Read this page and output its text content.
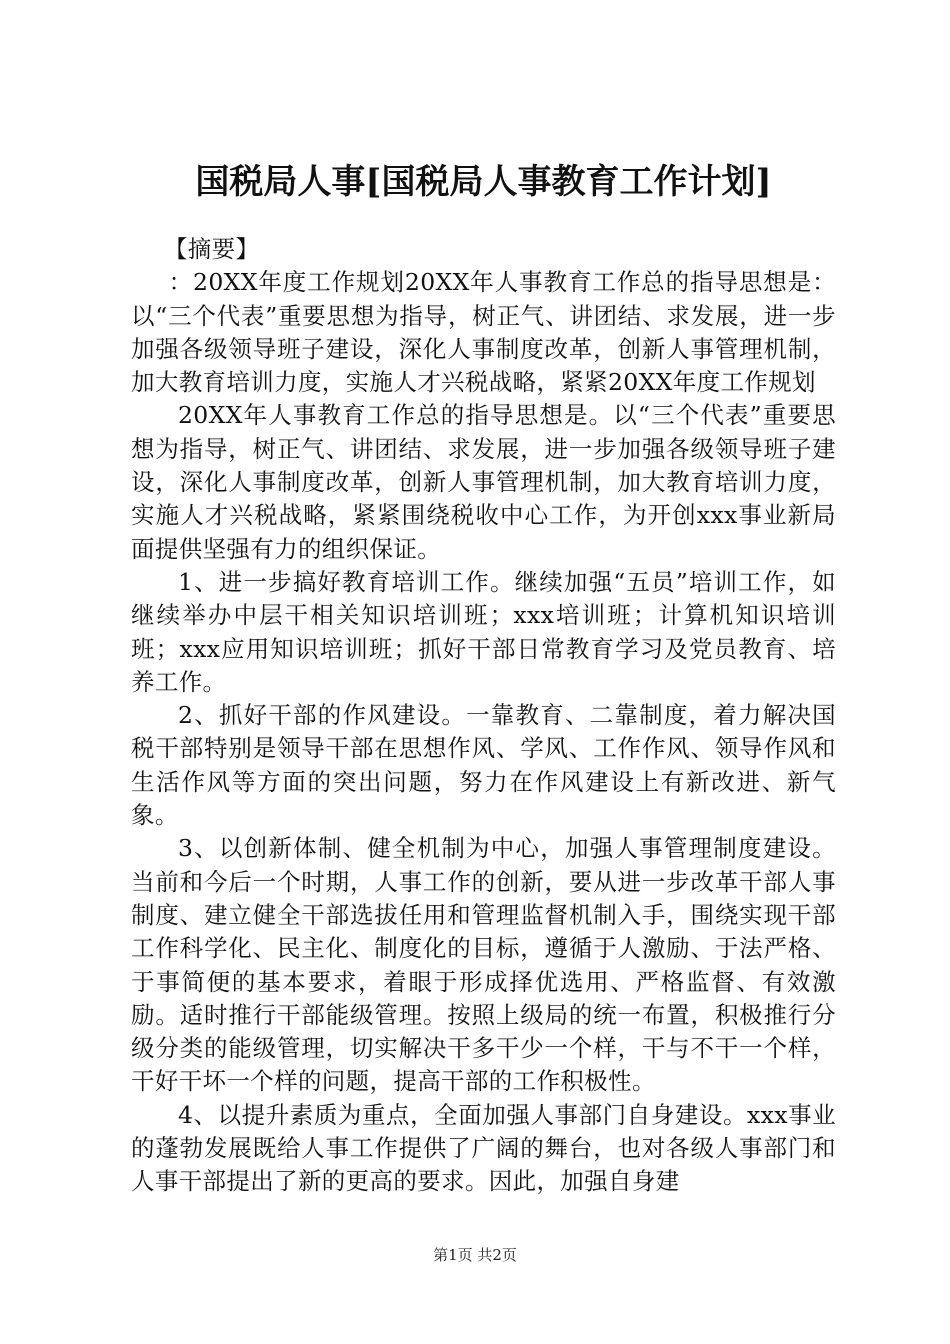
国税局人事[国税局人事教育工作计划]

【摘要】

：20XX年度工作规划20XX年人事教育工作总的指导思想是：以“三个代表”重要思想为指导，树正气、讲团结、求发展，进一步加强各级领导班子建设，深化人事制度改革，创新人事管理机制，加大教育培训力度，实施人才兴税战略，紧紧20XX年度工作规划

20XX年人事教育工作总的指导思想是。以“三个代表”重要思想为指导，树正气、讲团结、求发展，进一步加强各级领导班子建设，深化人事制度改革，创新人事管理机制，加大教育培训力度，实施人才兴税战略，紧紧围绕税收中心工作，为开创xxx事业新局面提供坚强有力的组织保证。

1、进一步搞好教育培训工作。继续加强“五员”培训工作，如继续举办中层干相关知识培训班；xxx培训班；计算机知识培训班；xxx应用知识培训班；抓好干部日常教育学习及党员教育、培养工作。

2、抓好干部的作风建设。一靠教育、二靠制度，着力解决国税干部特别是领导干部在思想作风、学风、工作作风、领导作风和生活作风等方面的突出问题，努力在作风建设上有新改进、新气象。

3、以创新体制、健全机制为中心，加强人事管理制度建设。当前和今后一个时期，人事工作的创新，要从进一步改革干部人事制度、建立健全干部选拔任用和管理监督机制入手，围绕实现干部工作科学化、民主化、制度化的目标，遵循于人激励、于法严格、于事简便的基本要求，着眼于形成择优选用、严格监督、有效激励。适时推行干部能级管理。按照上级局的统一布置，积极推行分级分类的能级管理，切实解决干多干少一个样，干与不干一个样，干好干坏一个样的问题，提高干部的工作积极性。

4、以提升素质为重点，全面加强人事部门自身建设。xxx事业的蓬勃发展既给人事工作提供了广阔的舞台，也对各级人事部门和人事干部提出了新的更高的要求。因此，加强自身建

第1页 共2页
